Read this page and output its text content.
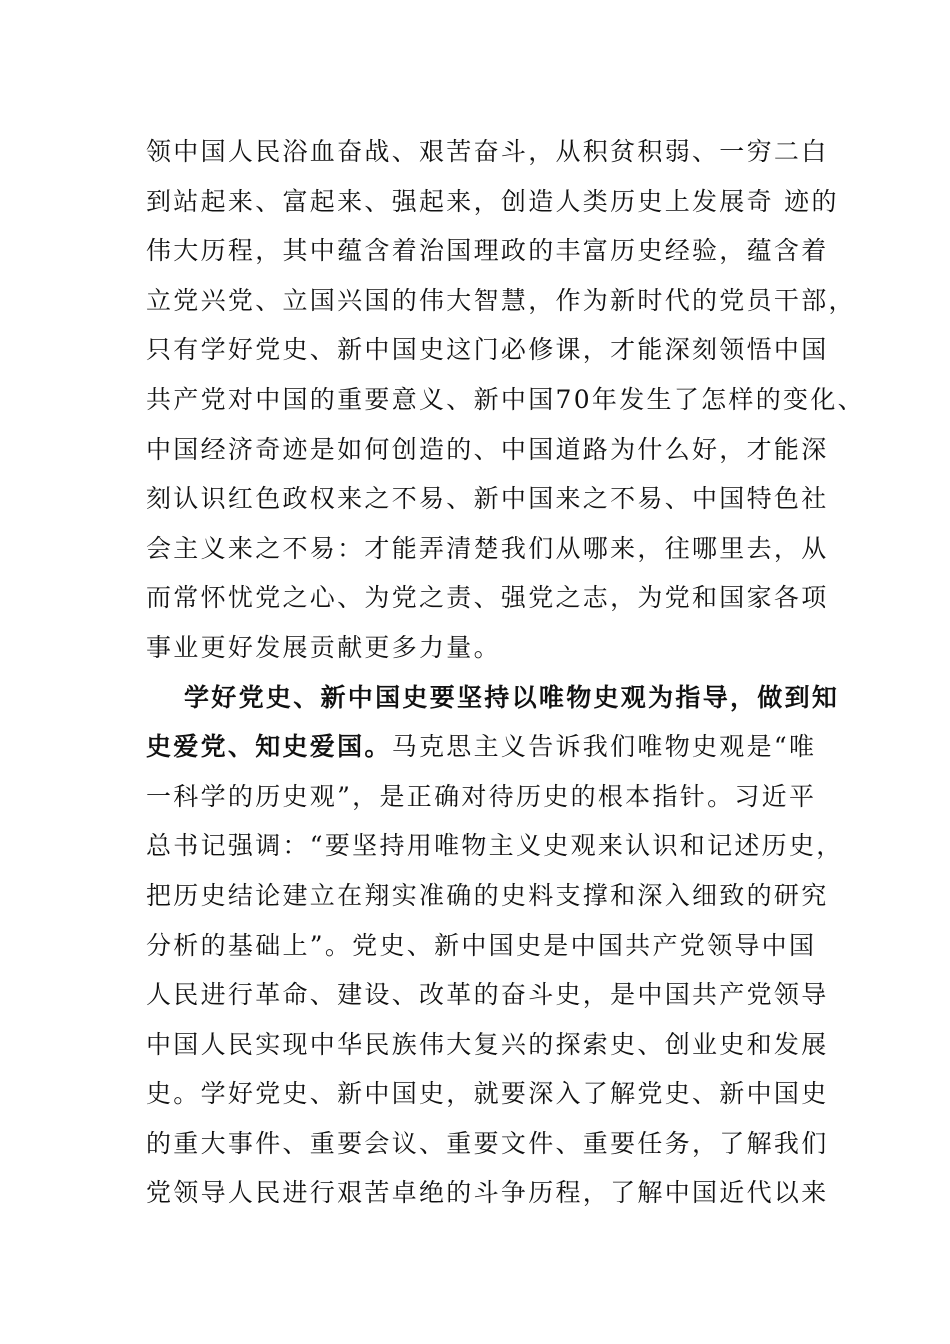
领中国人民浴血奋战、艰苦奋斗，从积贫积弱、一穷二白
到站起来、富起来、强起来，创造人类历史上发展奇 迹的
伟大历程，其中蕴含着治国理政的丰富历史经验，蕴含着
立党兴党、立国兴国的伟大智慧，作为新时代的党员干部，
只有学好党史、新中国史这门必修课，才能深刻领悟中国
共产党对中国的重要意义、新中国70年发生了怎样的变化、
中国经济奇迹是如何创造的、中国道路为什么好，才能深
刻认识红色政权来之不易、新中国来之不易、中国特色社
会主义来之不易：才能弄清楚我们从哪来，往哪里去，从
而常怀忧党之心、为党之责、强党之志，为党和国家各项
事业更好发展贡献更多力量。
学好党史、新中国史要坚持以唯物史观为指导，做到知
史爱党、知史爱国。马克思主义告诉我们唯物史观是“唯
一科学的历史观”，是正确对待历史的根本指针。习近平
总书记强调：“要坚持用唯物主义史观来认识和记述历史，
把历史结论建立在翔实准确的史料支撑和深入细致的研究
分析的基础上”。党史、新中国史是中国共产党领导中国
人民进行革命、建设、改革的奋斗史，是中国共产党领导
中国人民实现中华民族伟大复兴的探索史、创业史和发展
史。学好党史、新中国史，就要深入了解党史、新中国史
的重大事件、重要会议、重要文件、重要任务，了解我们
党领导人民进行艰苦卓绝的斗争历程，了解中国近代以来
